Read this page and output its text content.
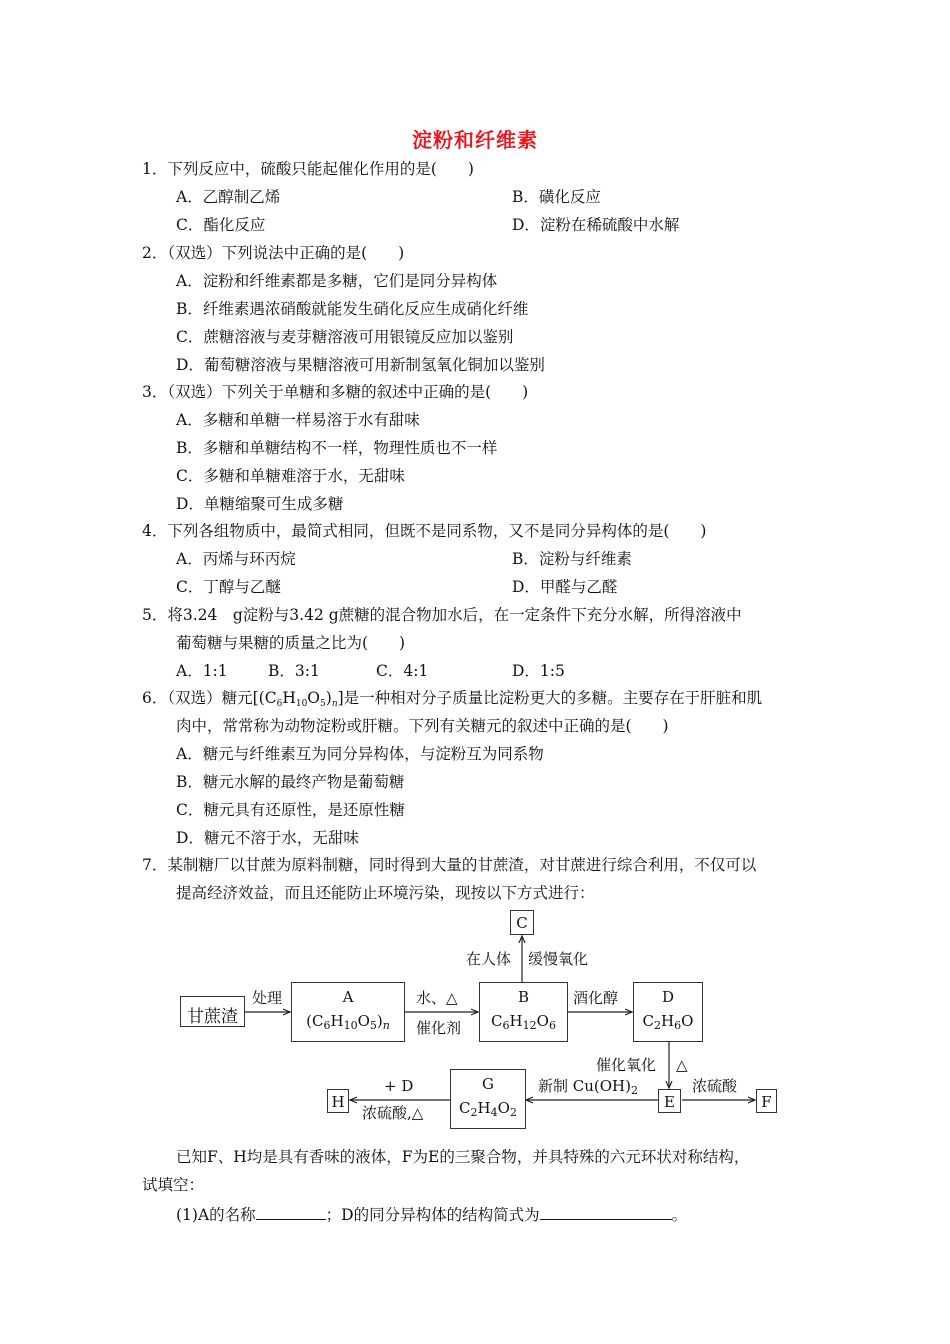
淀粉和纤维素
1．下列反应中，硫酸只能起催化作用的是(　　)
A．乙醇制乙烯	B．磺化反应
C．酯化反应	D．淀粉在稀硫酸中水解
2．（双选）下列说法中正确的是(　　)
A．淀粉和纤维素都是多糖，它们是同分异构体
B．纤维素遇浓硝酸就能发生硝化反应生成硝化纤维
C．蔗糖溶液与麦芽糖溶液可用银镜反应加以鉴别
D．葡萄糖溶液与果糖溶液可用新制氢氧化铜加以鉴别
3．（双选）下列关于单糖和多糖的叙述中正确的是(　　)
A．多糖和单糖一样易溶于水有甜味
B．多糖和单糖结构不一样，物理性质也不一样
C．多糖和单糖难溶于水，无甜味
D．单糖缩聚可生成多糖
4．下列各组物质中，最简式相同，但既不是同系物，又不是同分异构体的是(　　)
A．丙烯与环丙烷	B．淀粉与纤维素
C．丁醇与乙醚	D．甲醛与乙醛
5．将3.24　g淀粉与3.42 g蔗糖的混合物加水后，在一定条件下充分水解，所得溶液中
葡萄糖与果糖的质量之比为(　　)
A．1:1	B．3:1	C．4:1	D．1:5
6．（双选）糖元[(C6H10O5)n]是一种相对分子质量比淀粉更大的多糖。主要存在于肝脏和肌
肉中，常常称为动物淀粉或肝糖。下列有关糖元的叙述中正确的是(　　)
A．糖元与纤维素互为同分异构体，与淀粉互为同系物
B．糖元水解的最终产物是葡萄糖
C．糖元具有还原性，是还原性糖
D．糖元不溶于水，无甜味
7．某制糖厂以甘蔗为原料制糖，同时得到大量的甘蔗渣，对甘蔗进行综合利用，不仅可以
提高经济效益，而且还能防止环境污染，现按以下方式进行：
甘蔗渣
处理	A
$(C_6H_{10}O_5)_n$
水、△
催化剂
B
$C_6H_{12}O_6$
酒化醇	D
$C_2H_6O$
C
在人体 缓慢氧化
催化氧化 △
E
浓硫酸
F
新制 $Cu(OH)_2$
G
$C_2H_4O_2$
+ D
浓硫酸,△
H
已知F、H均是具有香味的液体，F为E的三聚合物，并具特殊的六元环状对称结构，
试填空：
(1)A的名称	；D的同分异构体的结构简式为	。
